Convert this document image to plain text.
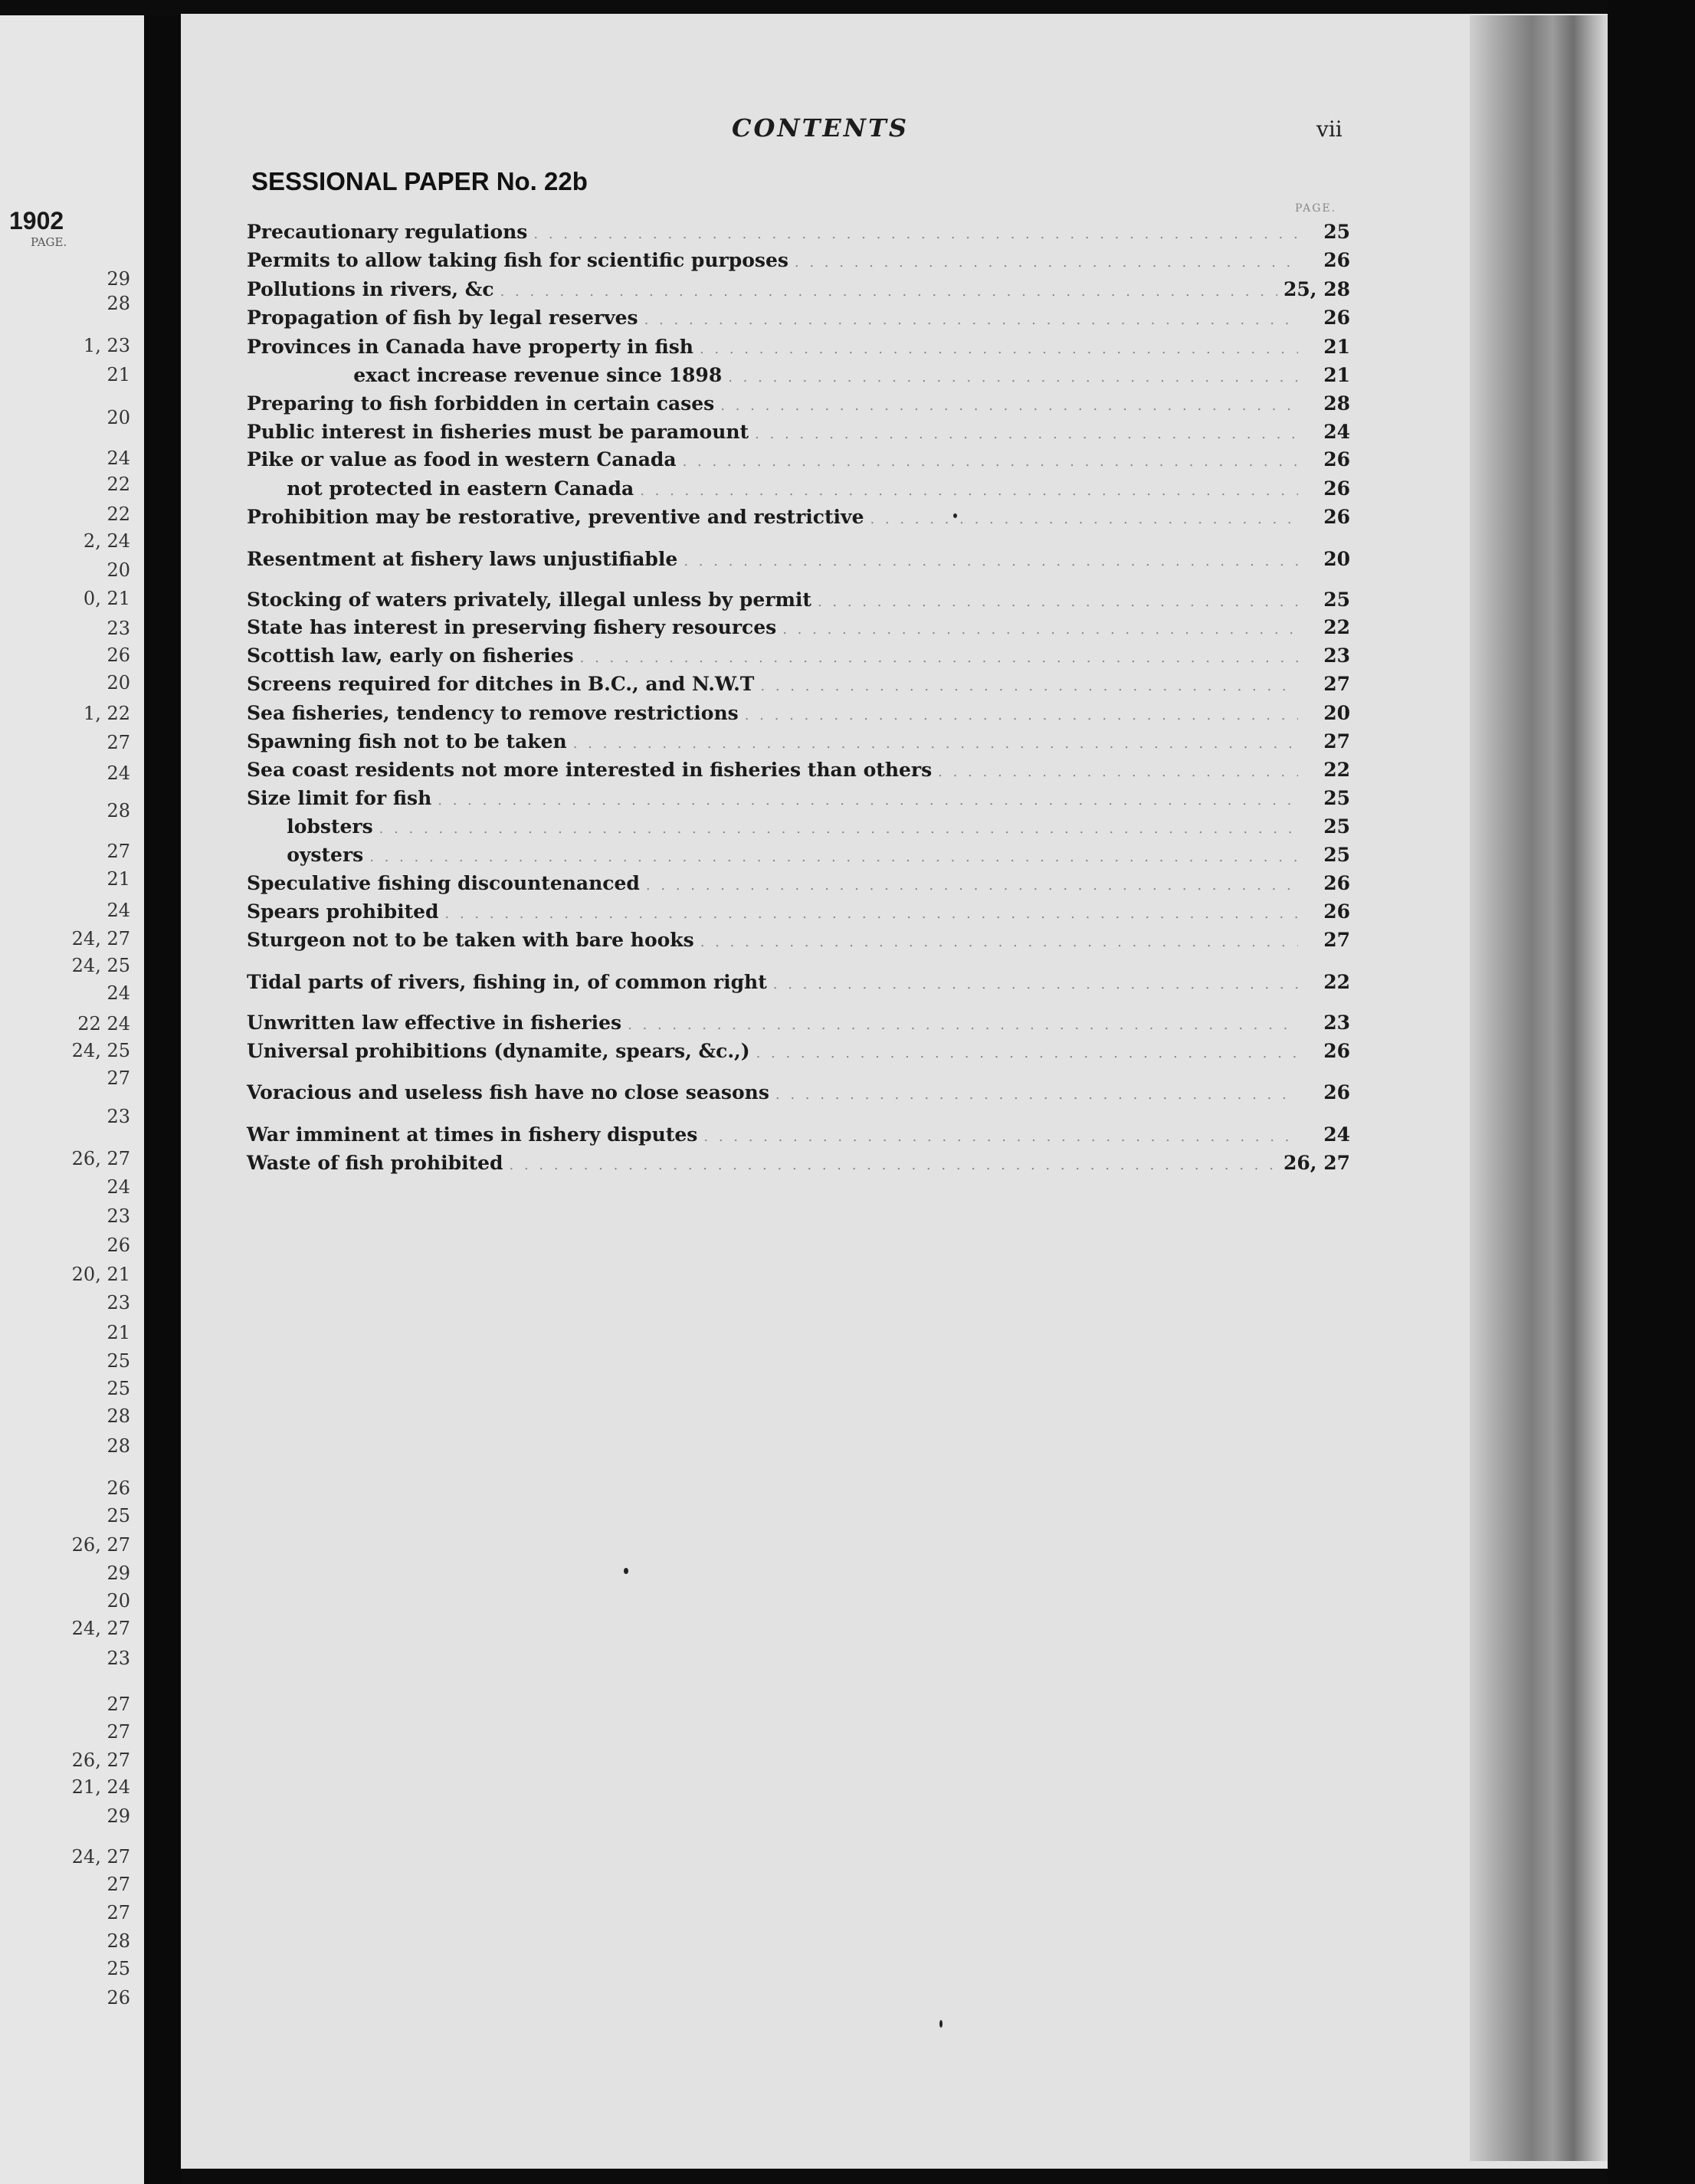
1902
PAGE.
29
28
1, 23
21
20
24
22
22
2, 24
20
0, 21
23
26
20
1, 22
27
24
28
27
21
24
24, 27
24, 25
24
22 24
24, 25
27
23
26, 27
24
23
26
20, 21
23
21
25
25
28
28
26
25
26, 27
29
20
24, 27
23
27
27
26, 27
21, 24
29
24, 27
27
27
28
25
26
CONTENTS	vii
SESSIONAL PAPER No. 22b
PAGE.
Precautionary regulations . . .	25
Permits to allow taking fish for scientific purposes . . .	26
Pollutions in rivers, &c . . .	25, 28
Propagation of fish by legal reserves . . .	26
Provinces in Canada have property in fish . . .	21
exact increase revenue since 1898 . . .	21
Preparing to fish forbidden in certain cases . . .	28
Public interest in fisheries must be paramount . . .	24
Pike or value as food in western Canada . . .	26
not protected in eastern Canada . . .	26
Prohibition may be restorative, preventive and restrictive . . .	26
Resentment at fishery laws unjustifiable . . .	20
Stocking of waters privately, illegal unless by permit . . .	25
State has interest in preserving fishery resources . . .	22
Scottish law, early on fisheries . . .	23
Screens required for ditches in B.C., and N.W.T . . .	27
Sea fisheries, tendency to remove restrictions . . .	20
Spawning fish not to be taken . . .	27
Sea coast residents not more interested in fisheries than others . . .	22
Size limit for fish . . .	25
lobsters . . .	25
oysters . . .	25
Speculative fishing discountenanced . . .	26
Spears prohibited . . .	26
Sturgeon not to be taken with bare hooks . . .	27
Tidal parts of rivers, fishing in, of common right . . .	22
Unwritten law effective in fisheries . . .	23
Universal prohibitions (dynamite, spears, &c.,) . . .	26
Voracious and useless fish have no close seasons . . .	26
War imminent at times in fishery disputes . . .	24
Waste of fish prohibited . . .	26, 27
